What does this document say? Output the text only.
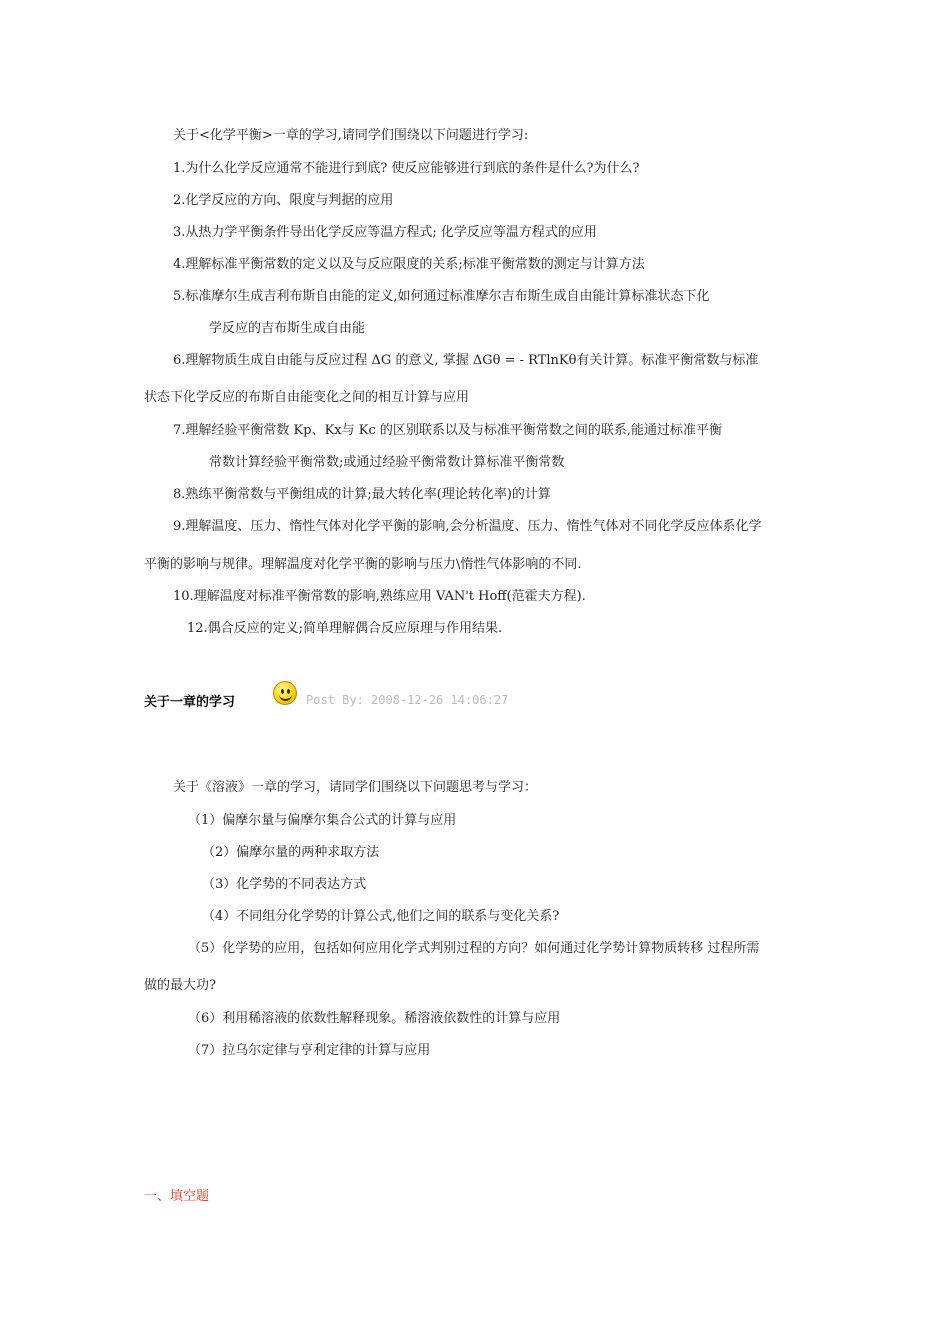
关于<化学平衡>一章的学习,请同学们围绕以下问题进行学习:
1.为什么化学反应通常不能进行到底? 使反应能够进行到底的条件是什么?为什么?
2.化学反应的方向、限度与判据的应用
3.从热力学平衡条件导出化学反应等温方程式; 化学反应等温方程式的应用
4.理解标准平衡常数的定义以及与反应限度的关系;标准平衡常数的测定与计算方法
5.标准摩尔生成吉利布斯自由能的定义,如何通过标准摩尔吉布斯生成自由能计算标准状态下化
学反应的吉布斯生成自由能
6.理解物质生成自由能与反应过程 ΔG 的意义, 掌握 ΔGθ = - RTlnKθ有关计算。标准平衡常数与标准
状态下化学反应的布斯自由能变化之间的相互计算与应用
7.理解经验平衡常数 Kp、Kx与 Kc 的区别联系以及与标准平衡常数之间的联系,能通过标准平衡
常数计算经验平衡常数;或通过经验平衡常数计算标准平衡常数
8.熟练平衡常数与平衡组成的计算;最大转化率(理论转化率)的计算
9.理解温度、压力、惰性气体对化学平衡的影响,会分析温度、压力、惰性气体对不同化学反应体系化学
平衡的影响与规律。理解温度对化学平衡的影响与压力\惰性气体影响的不同.
10.理解温度对标准平衡常数的影响,熟练应用 VAN't Hoff(范霍夫方程).
12.偶合反应的定义;简单理解偶合反应原理与作用结果.
关于一章的学习	Post By: 2008-12-26 14:06:27
关于《溶液》一章的学习，请同学们围绕以下问题思考与学习：
（1）偏摩尔量与偏摩尔集合公式的计算与应用
（2）偏摩尔量的两种求取方法
（3）化学势的不同表达方式
（4）不同组分化学势的计算公式,他们之间的联系与变化关系?
（5）化学势的应用，包括如何应用化学式判别过程的方向？如何通过化学势计算物质转移 过程所需
做的最大功?
（6）利用稀溶液的依数性解释现象。稀溶液依数性的计算与应用
（7）拉乌尔定律与亨利定律的计算与应用
一、填空题
